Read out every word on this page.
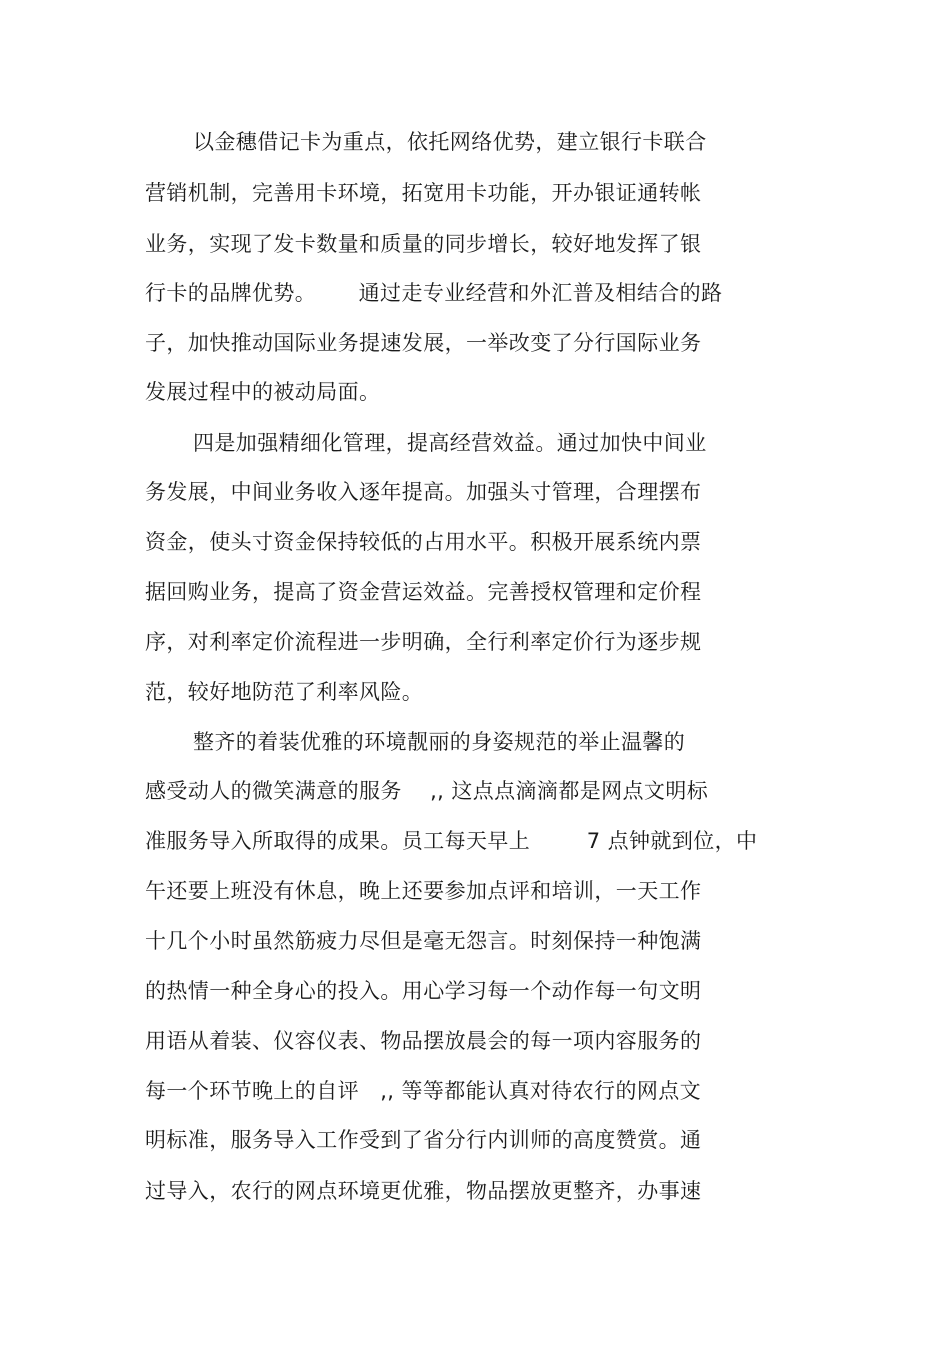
以金穗借记卡为重点，依托网络优势，建立银行卡联合
营销机制，完善用卡环境，拓宽用卡功能，开办银证通转帐
业务，实现了发卡数量和质量的同步增长，较好地发挥了银
行卡的品牌优势。      通过走专业经营和外汇普及相结合的路
子，加快推动国际业务提速发展，一举改变了分行国际业务
发展过程中的被动局面。
四是加强精细化管理，提高经营效益。通过加快中间业
务发展，中间业务收入逐年提高。加强头寸管理，合理摆布
资金，使头寸资金保持较低的占用水平。积极开展系统内票
据回购业务，提高了资金营运效益。完善授权管理和定价程
序，对利率定价流程进一步明确，全行利率定价行为逐步规
范，较好地防范了利率风险。
整齐的着装优雅的环境靓丽的身姿规范的举止温馨的
感受动人的微笑满意的服务    ,, 这点点滴滴都是网点文明标
准服务导入所取得的成果。员工每天早上        7 点钟就到位，中
午还要上班没有休息，晚上还要参加点评和培训，一天工作
十几个小时虽然筋疲力尽但是毫无怨言。时刻保持一种饱满
的热情一种全身心的投入。用心学习每一个动作每一句文明
用语从着装、仪容仪表、物品摆放晨会的每一项内容服务的
每一个环节晚上的自评   ,, 等等都能认真对待农行的网点文
明标准，服务导入工作受到了省分行内训师的高度赞赏。通
过导入，农行的网点环境更优雅，物品摆放更整齐，办事速
